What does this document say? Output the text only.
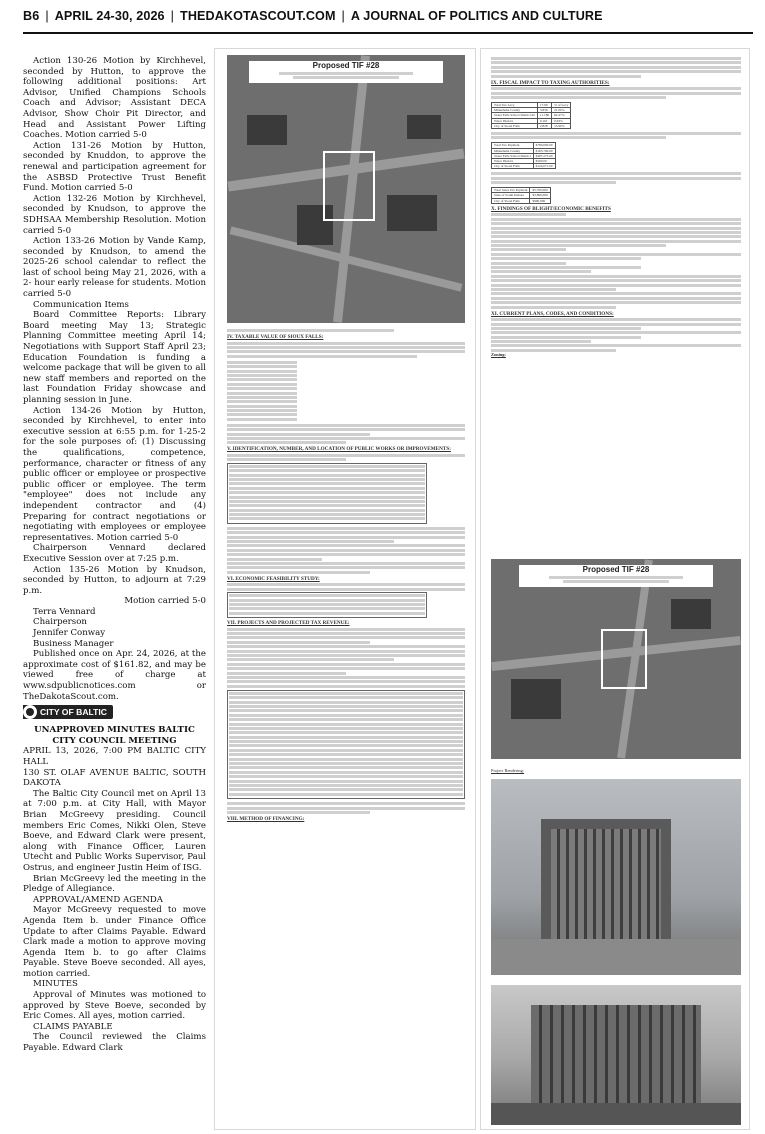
B6 | APRIL 24-30, 2026 | THEDAKOTASCOUT.COM | A JOURNAL OF POLITICS AND CULTURE

Action 130-26 Motion by Kirchhevel, seconded by Hutton, to approve the following additional positions: Art Advisor, Unified Champions Schools Coach and Advisor; Assistant DECA Advisor, Show Choir Pit Director, and Head and Assistant Power Lifting Coaches. Motion carried 5-0

Action 131-26 Motion by Hutton, seconded by Knuddon, to approve the renewal and participation agreement for the ASBSD Protective Trust Benefit Fund. Motion carried 5-0

Action 132-26 Motion by Kirchhevel, seconded by Knudson, to approve the SDHSAA Membership Resolution. Motion carried 5-0

Action 133-26 Motion by Vande Kamp, seconded by Knudson, to amend the 2025-26 school calendar to reflect the last of school being May 21, 2026, with a 2- hour early release for students. Motion carried 5-0

Communication Items

Board Committee Reports: Library Board meeting May 13; Strategic Planning Committee meeting April 14; Negotiations with Support Staff April 23; Education Foundation is funding a welcome package that will be given to all new staff members and reported on the last Foundation Friday showcase and planning session in June.

Action 134-26 Motion by Hutton, seconded by Kirchhevel, to enter into executive session at 6:55 p.m. for 1-25-2 for the sole purposes of: (1) Discussing the qualifications, competence, performance, character or fitness of any public officer or employee or prospective public officer or employee. The term "employee" does not include any independent contractor and (4) Preparing for contract negotiations or negotiating with employees or employee representatives. Motion carried 5-0

Chairperson Vennard declared Executive Session over at 7:25 p.m.

Action 135-26 Motion by Knudson, seconded by Hutton, to adjourn at 7:29 p.m.

Motion carried 5-0

Terra Vennard

Chairperson

Jennifer Conway

Business Manager

Published once on Apr. 24, 2026, at the approximate cost of $161.82, and may be viewed free of charge at www.sdpublicnotices.com or TheDakotaScout.com.

CITY OF BALTIC

UNAPPROVED MINUTES BALTIC CITY COUNCIL MEETING

APRIL 13, 2026, 7:00 PM BALTIC CITY HALL

130 ST. OLAF AVENUE BALTIC, SOUTH DAKOTA

The Baltic City Council met on April 13 at 7:00 p.m. at City Hall, with Mayor Brian McGreevy presiding. Council members Eric Comes, Nikki Olen, Steve Boeve, and Edward Clark were present, along with Finance Officer, Lauren Utecht and Public Works Supervisor, Paul Ostrus, and engineer Justin Heim of ISG.

Brian McGreevy led the meeting in the Pledge of Allegiance.

APPROVAL/AMEND AGENDA

Mayor McGreevy requested to move Agenda Item b. under Finance Office Update to after Claims Payable. Edward Clark made a motion to approve moving Agenda Item b. to go after Claims Payable. Steve Boeve seconded. All ayes, motion carried.

MINUTES

Approval of Minutes was motioned to approved by Steve Boeve, seconded by Eric Comes. All ayes, motion carried.

CLAIMS PAYABLE

The Council reviewed the Claims Payable. Edward Clark

Proposed TIF #28
IV. TAXABLE VALUE OF SIOUX FALLS:
V. IDENTIFICATION, NUMBER, AND LOCATION OF PUBLIC WORKS OR IMPROVEMENTS:
VI. ECONOMIC FEASIBILITY STUDY:
VII. PROJECTS AND PROJECTED TAX REVENUE:
VIII. METHOD OF FINANCING:
IX. FISCAL IMPACT TO TAXING AUTHORITIES:
Total Tax Levy	17.90	% of Levy
Minnehaha County	3.836	21.00%
Sioux Falls School District #2	11.180	62.47%
Water District	0.101	0.63%
City of Sioux Falls	2.828	15.90%
Total Tax Payment	$780,000.00
Minnehaha County	$163,760.00
Sioux Falls School District	$487,275.00
Water District	$500.00
City of Sioux Falls	$124,071.00
Total Sales Tax Payment	$5,790,000
State of South Dakota	$3,890,000
City of Sioux Falls	$900,000
X. FINDINGS OF BLIGHT/ECONOMIC BENEFITS
XI. CURRENT PLANS, CODES, AND CONDITIONS:
Zoning:
Proposed TIF #28
Project Rendering:
